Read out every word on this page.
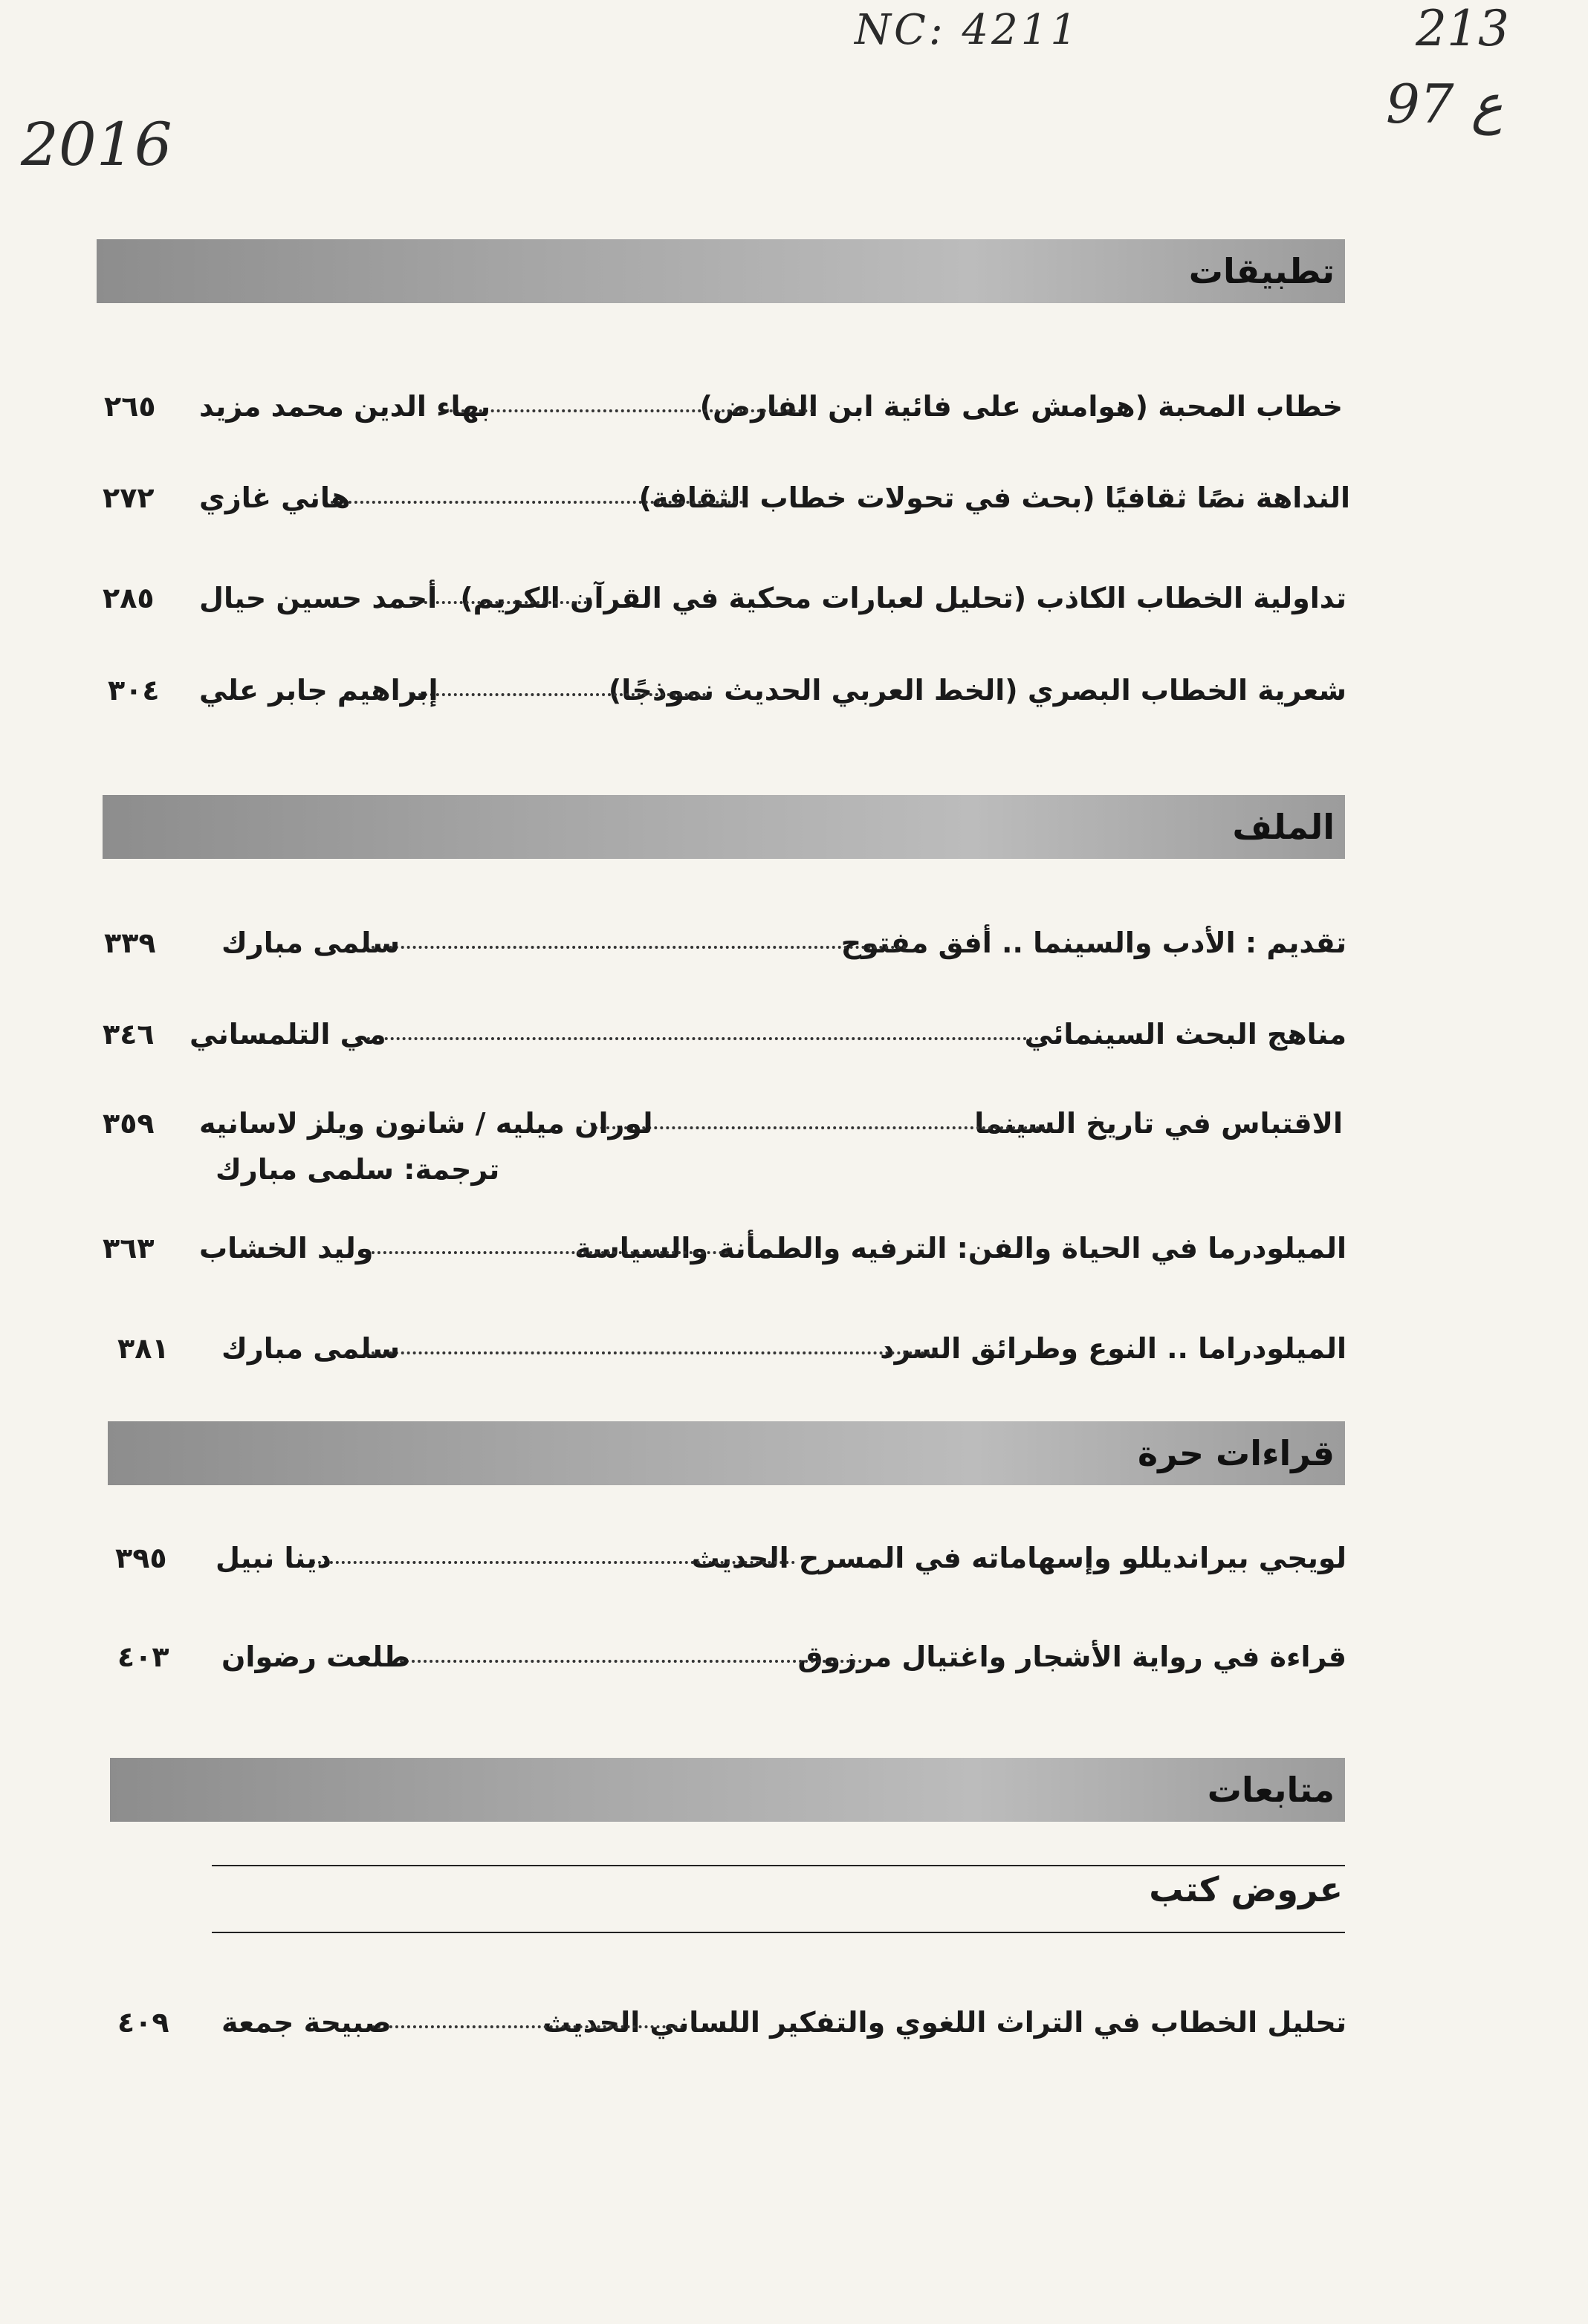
NC: 4211	213
97 ع
2016
تطبيقات
خطاب المحبة (هوامش على فائية ابن الفارض)
بهاء الدين محمد مزيد
٢٦٥
النداهة نصًا ثقافيًا (بحث في تحولات خطاب الثقافة)
هاني غازي
٢٧٢
تداولية الخطاب الكاذب (تحليل لعبارات محكية في القرآن الكريم)
أحمد حسين حيال
٢٨٥
شعرية الخطاب البصري (الخط العربي الحديث نموذجًا)
إبراهيم جابر علي
٣٠٤
الملف
تقديم : الأدب والسينما .. أفق مفتوح
سلمى مبارك
٣٣٩
مناهج البحث السينمائي
مي التلمساني
٣٤٦
الاقتباس في تاريخ السينما
لوران ميليه / شانون ويلز لاسانيه
٣٥٩
ترجمة: سلمى مبارك
الميلودرما في الحياة والفن: الترفيه والطمأنة والسياسة
وليد الخشاب
٣٦٣
الميلودراما .. النوع وطرائق السرد
سلمى مبارك
٣٨١
قراءات حرة
لويجي بيرانديللو وإسهاماته في المسرح الحديث
دينا نبيل
٣٩٥
قراءة في رواية الأشجار واغتيال مرزوق
طلعت رضوان
٤٠٣
متابعات
عروض كتب
تحليل الخطاب في التراث اللغوي والتفكير اللساني الحديث
صبيحة جمعة
٤٠٩
